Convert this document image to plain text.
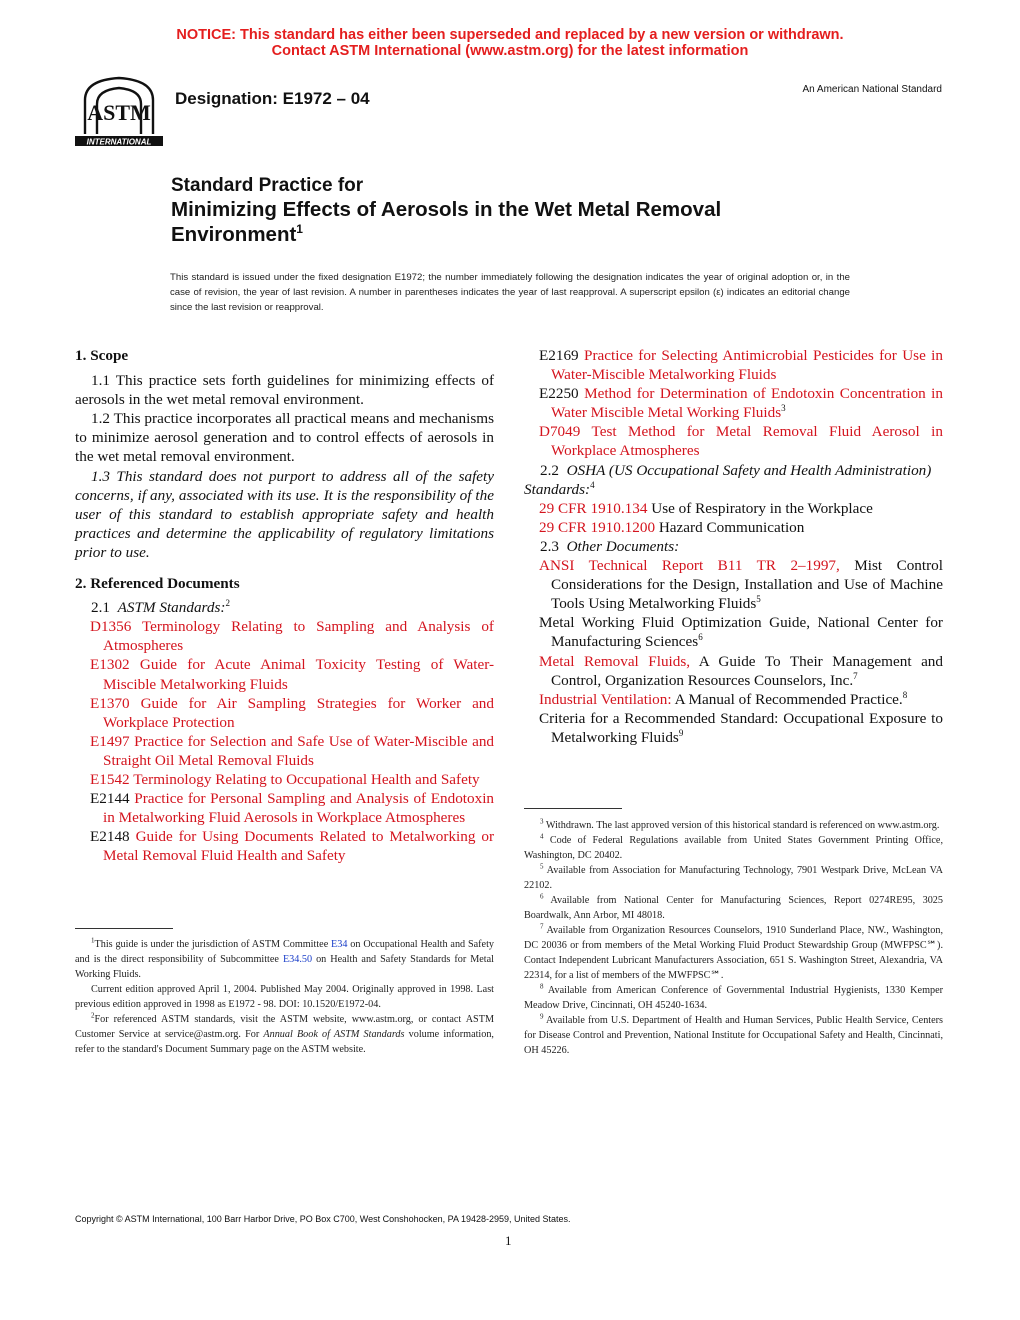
NOTICE: This standard has either been superseded and replaced by a new version or withdrawn.
Contact ASTM International (www.astm.org) for the latest information
ASTM
INTERNATIONAL
Designation: E1972 – 04	An American National Standard
Standard Practice for
Minimizing Effects of Aerosols in the Wet Metal Removal
Environment$^1$
This standard is issued under the fixed designation E1972; the number immediately following the designation indicates the year of original adoption or, in the case of revision, the year of last revision. A number in parentheses indicates the year of last reapproval. A superscript epsilon (ε) indicates an editorial change since the last revision or reapproval.
1. Scope

1.1 This practice sets forth guidelines for minimizing effects of aerosols in the wet metal removal environment.

1.2 This practice incorporates all practical means and mechanisms to minimize aerosol generation and to control effects of aerosols in the wet metal removal environment.

1.3 This standard does not purport to address all of the safety concerns, if any, associated with its use. It is the responsibility of the user of this standard to establish appropriate safety and health practices and determine the applicability of regulatory limitations prior to use.

2. Referenced Documents

2.1 ASTM Standards:$^2$

D1356 Terminology Relating to Sampling and Analysis of Atmospheres

E1302 Guide for Acute Animal Toxicity Testing of Water-Miscible Metalworking Fluids

E1370 Guide for Air Sampling Strategies for Worker and Workplace Protection

E1497 Practice for Selection and Safe Use of Water-Miscible and Straight Oil Metal Removal Fluids

E1542 Terminology Relating to Occupational Health and Safety

E2144 Practice for Personal Sampling and Analysis of Endotoxin in Metalworking Fluid Aerosols in Workplace Atmospheres

E2148 Guide for Using Documents Related to Metalworking or Metal Removal Fluid Health and Safety

$^1$This guide is under the jurisdiction of ASTM Committee E34 on Occupational Health and Safety and is the direct responsibility of Subcommittee E34.50 on Health and Safety Standards for Metal Working Fluids.

Current edition approved April 1, 2004. Published May 2004. Originally approved in 1998. Last previous edition approved in 1998 as E1972 - 98. DOI: 10.1520/E1972-04.

$^2$For referenced ASTM standards, visit the ASTM website, www.astm.org, or contact ASTM Customer Service at service@astm.org. For Annual Book of ASTM Standards volume information, refer to the standard's Document Summary page on the ASTM website.

E2169 Practice for Selecting Antimicrobial Pesticides for Use in Water-Miscible Metalworking Fluids

E2250 Method for Determination of Endotoxin Concentration in Water Miscible Metal Working Fluids$^3$

D7049 Test Method for Metal Removal Fluid Aerosol in Workplace Atmospheres

2.2 OSHA (US Occupational Safety and Health Administration) Standards:$^4$

29 CFR 1910.134 Use of Respiratory in the Workplace

29 CFR 1910.1200 Hazard Communication

2.3 Other Documents:

ANSI Technical Report B11 TR 2–1997, Mist Control Considerations for the Design, Installation and Use of Machine Tools Using Metalworking Fluids$^5$

Metal Working Fluid Optimization Guide, National Center for Manufacturing Sciences$^6$

Metal Removal Fluids, A Guide To Their Management and Control, Organization Resources Counselors, Inc.$^7$

Industrial Ventilation: A Manual of Recommended Practice.$^8$

Criteria for a Recommended Standard: Occupational Exposure to Metalworking Fluids$^9$

$^3$ Withdrawn. The last approved version of this historical standard is referenced on www.astm.org.

$^4$ Code of Federal Regulations available from United States Government Printing Office, Washington, DC 20402.

$^5$ Available from Association for Manufacturing Technology, 7901 Westpark Drive, McLean VA 22102.

$^6$ Available from National Center for Manufacturing Sciences, Report 0274RE95, 3025 Boardwalk, Ann Arbor, MI 48018.

$^7$ Available from Organization Resources Counselors, 1910 Sunderland Place, NW., Washington, DC 20036 or from members of the Metal Working Fluid Product Stewardship Group (MWFPSC℠). Contact Independent Lubricant Manufacturers Association, 651 S. Washington Street, Alexandria, VA 22314, for a list of members of the MWFPSC℠.

$^8$ Available from American Conference of Governmental Industrial Hygienists, 1330 Kemper Meadow Drive, Cincinnati, OH 45240-1634.

$^9$ Available from U.S. Department of Health and Human Services, Public Health Service, Centers for Disease Control and Prevention, National Institute for Occupational Safety and Health, Cincinnati, OH 45226.

Copyright © ASTM International, 100 Barr Harbor Drive, PO Box C700, West Conshohocken, PA 19428-2959, United States.
1
